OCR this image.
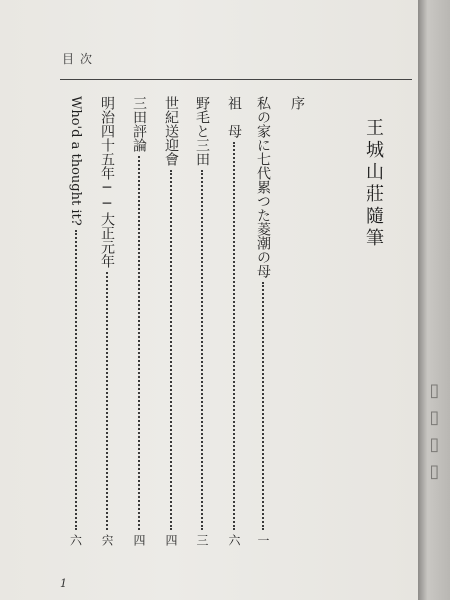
目次
王城山莊隨筆
序
私の家に七代累つた菱潮の母
一
祖　母
六
野毛と三田
三
世紀送迎會
四
三田評論
四
明治四十五年──大正元年
宍
Who'd a thought it?
六
1
▯▯▯▯
